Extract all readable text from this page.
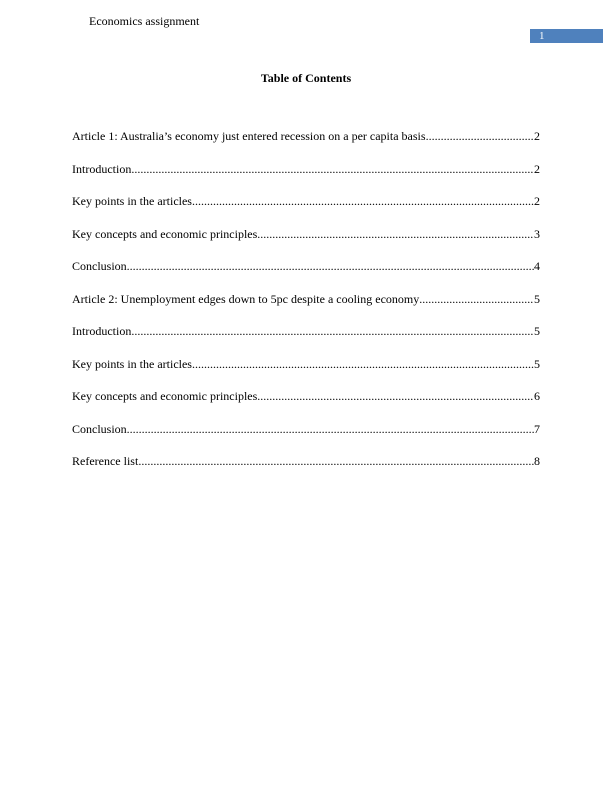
Economics assignment
1
Table of Contents
Article 1: Australia’s economy just entered recession on a per capita basis .....	2
Introduction .....	2
Key points in the articles .....	2
Key concepts and economic principles .....	3
Conclusion .....	4
Article 2: Unemployment edges down to 5pc despite a cooling economy .....	5
Introduction .....	5
Key points in the articles .....	5
Key concepts and economic principles .....	6
Conclusion .....	7
Reference list .....	8
